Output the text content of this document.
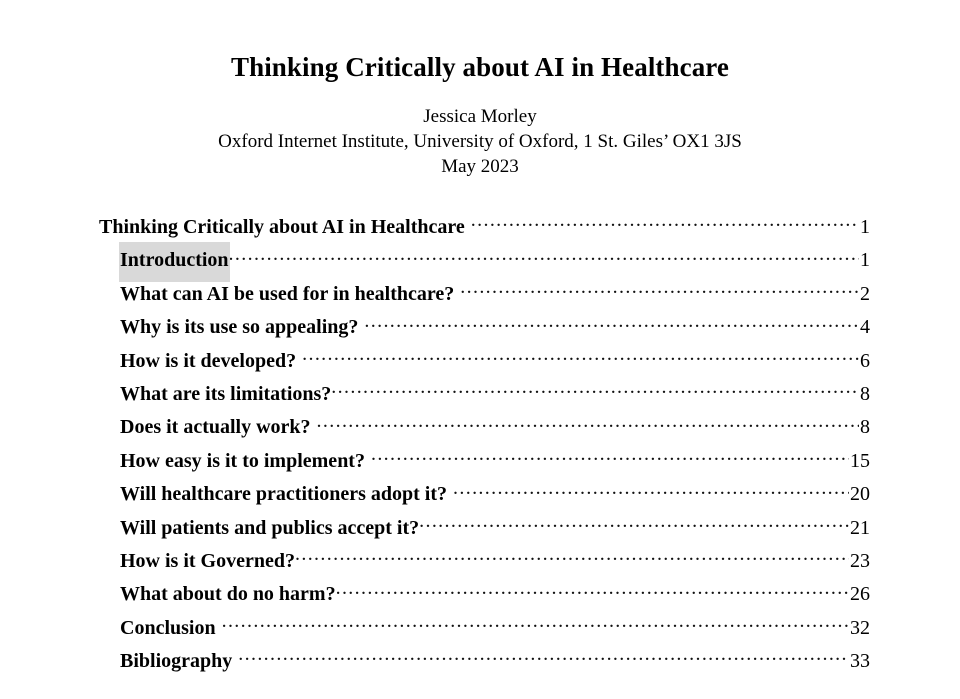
Thinking Critically about AI in Healthcare
Jessica Morley
Oxford Internet Institute, University of Oxford, 1 St. Giles’ OX1 3JS
May 2023
Thinking Critically about AI in Healthcare .....	1
Introduction .....	1
What can AI be used for in healthcare? .....	2
Why is its use so appealing? .....	4
How is it developed? .....	6
What are its limitations? .....	8
Does it actually work? .....	8
How easy is it to implement? .....	15
Will healthcare practitioners adopt it? .....	20
Will patients and publics accept it? .....	21
How is it Governed? .....	23
What about do no harm? .....	26
Conclusion .....	32
Bibliography .....	33
